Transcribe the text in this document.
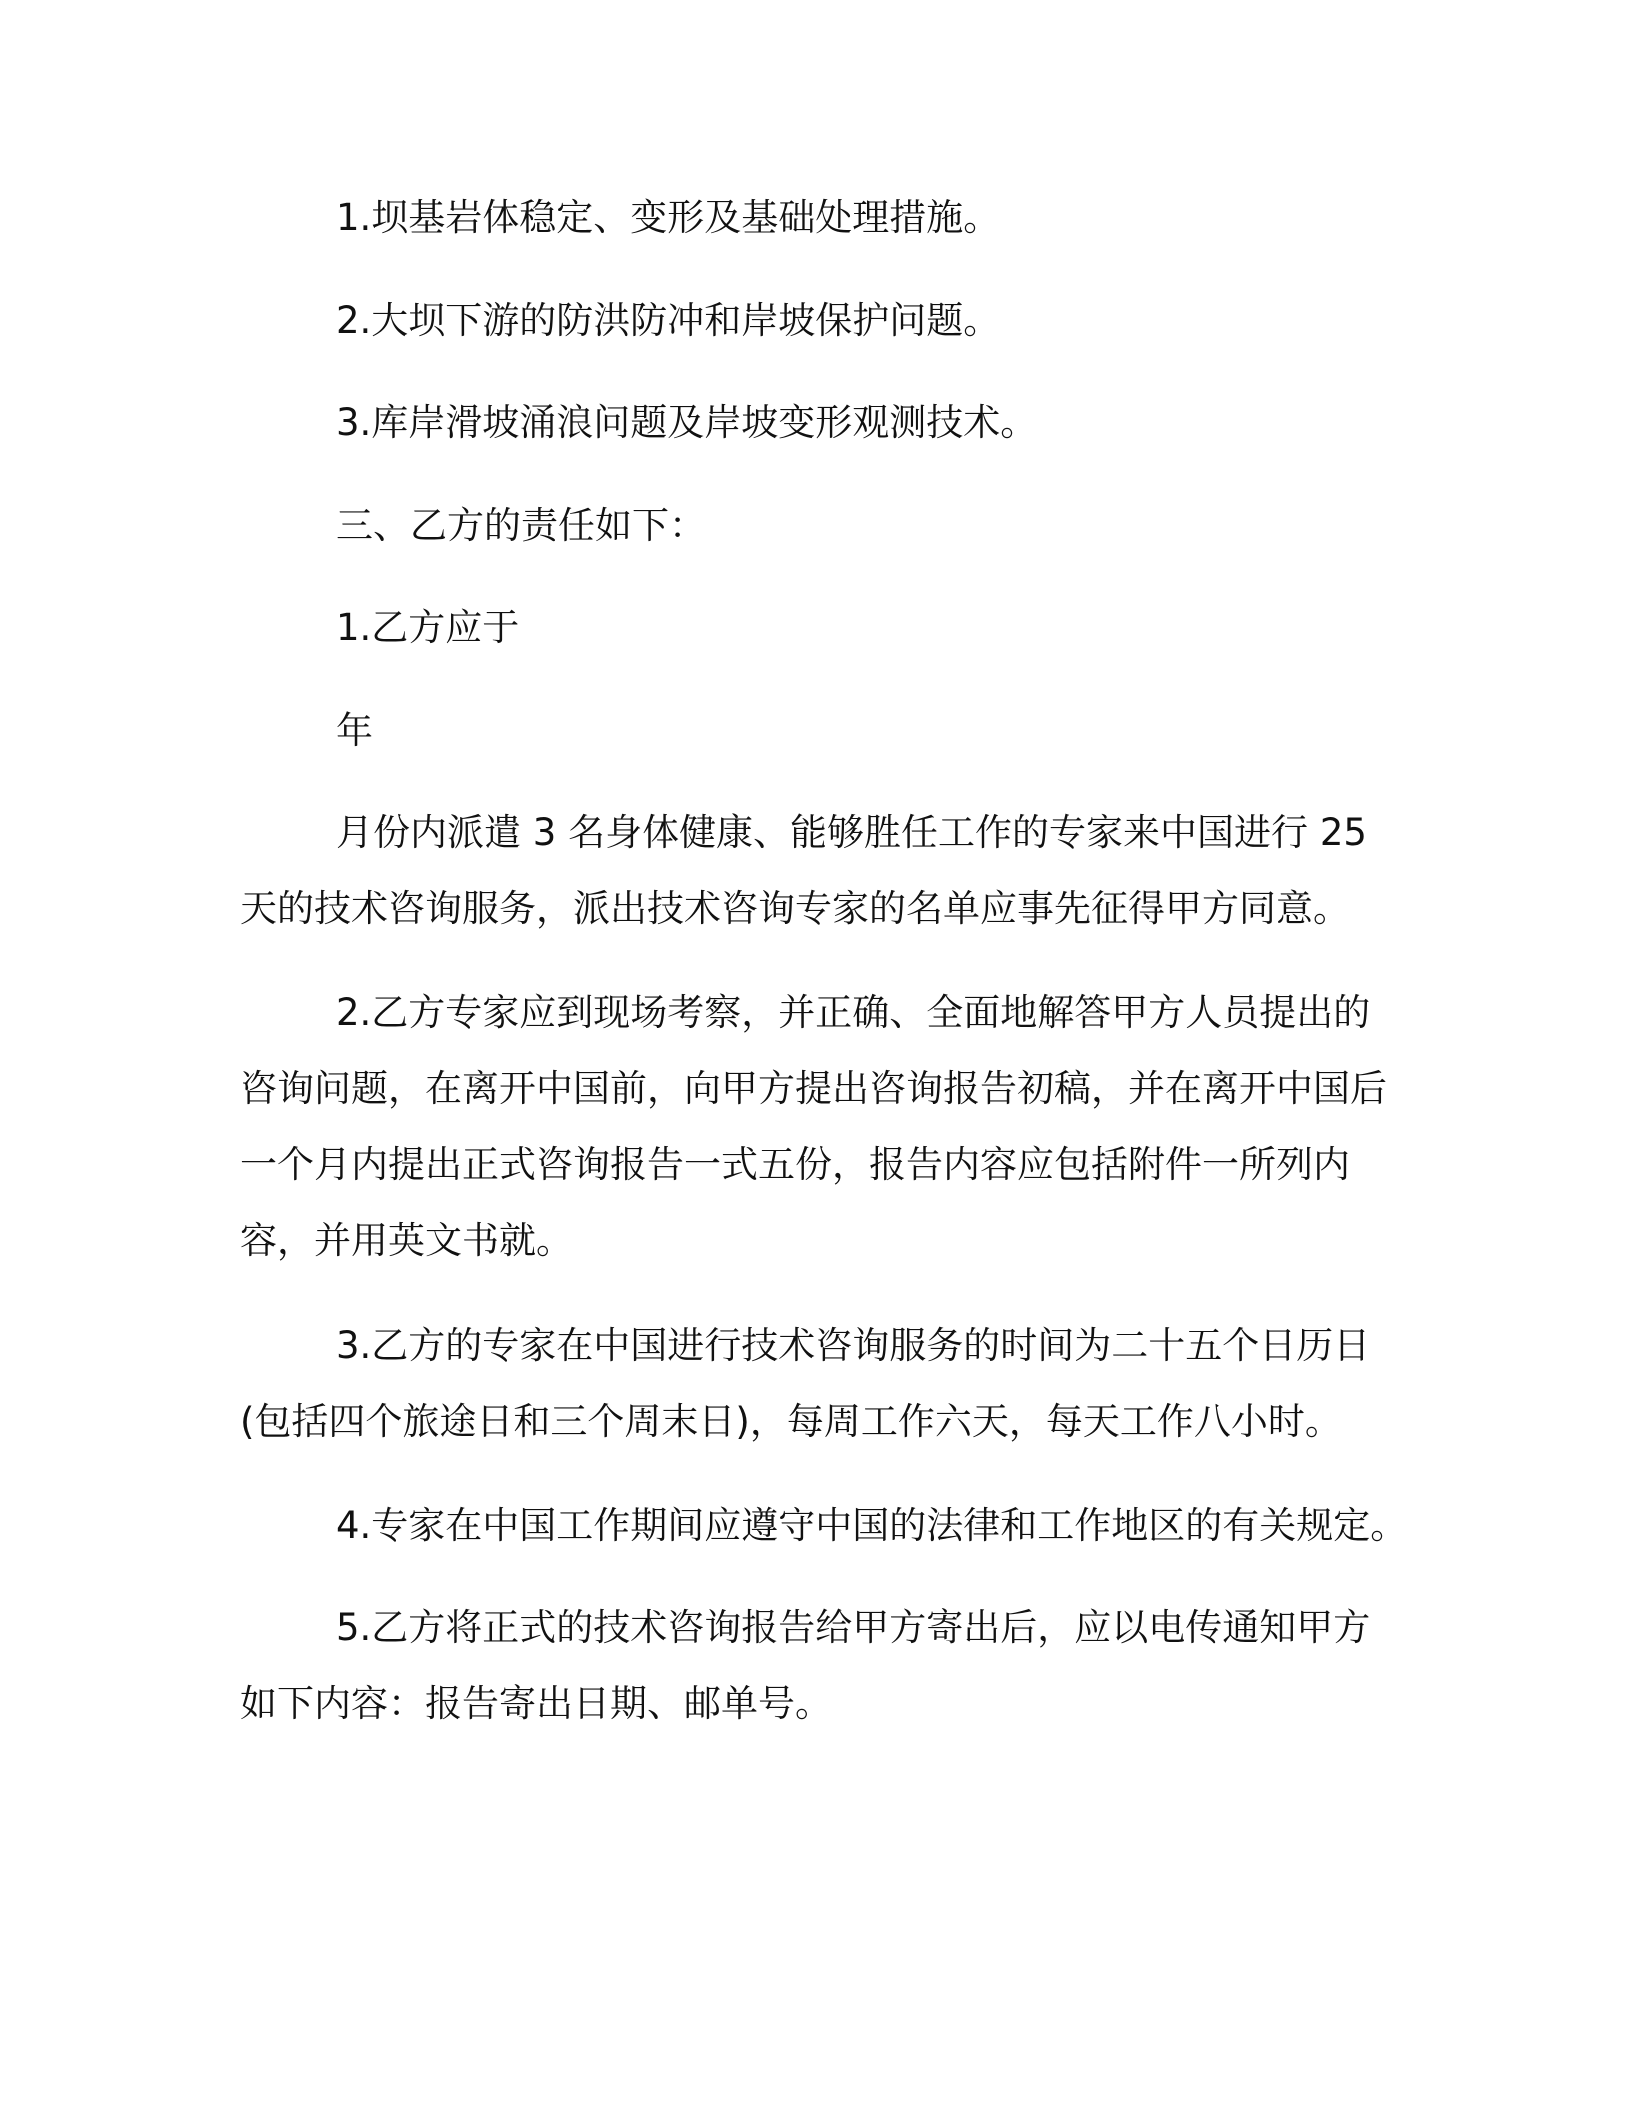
1.坝基岩体稳定、变形及基础处理措施。

2.大坝下游的防洪防冲和岸坡保护问题。

3.库岸滑坡涌浪问题及岸坡变形观测技术。

三、乙方的责任如下：

1.乙方应于

年

月份内派遣 3 名身体健康、能够胜任工作的专家来中国进行 25 天的技术咨询服务，派出技术咨询专家的名单应事先征得甲方同意。

2.乙方专家应到现场考察，并正确、全面地解答甲方人员提出的咨询问题，在离开中国前，向甲方提出咨询报告初稿，并在离开中国后一个月内提出正式咨询报告一式五份，报告内容应包括附件一所列内容，并用英文书就。

3.乙方的专家在中国进行技术咨询服务的时间为二十五个日历日(包括四个旅途日和三个周末日)，每周工作六天，每天工作八小时。

4.专家在中国工作期间应遵守中国的法律和工作地区的有关规定。

5.乙方将正式的技术咨询报告给甲方寄出后，应以电传通知甲方如下内容：报告寄出日期、邮单号。
